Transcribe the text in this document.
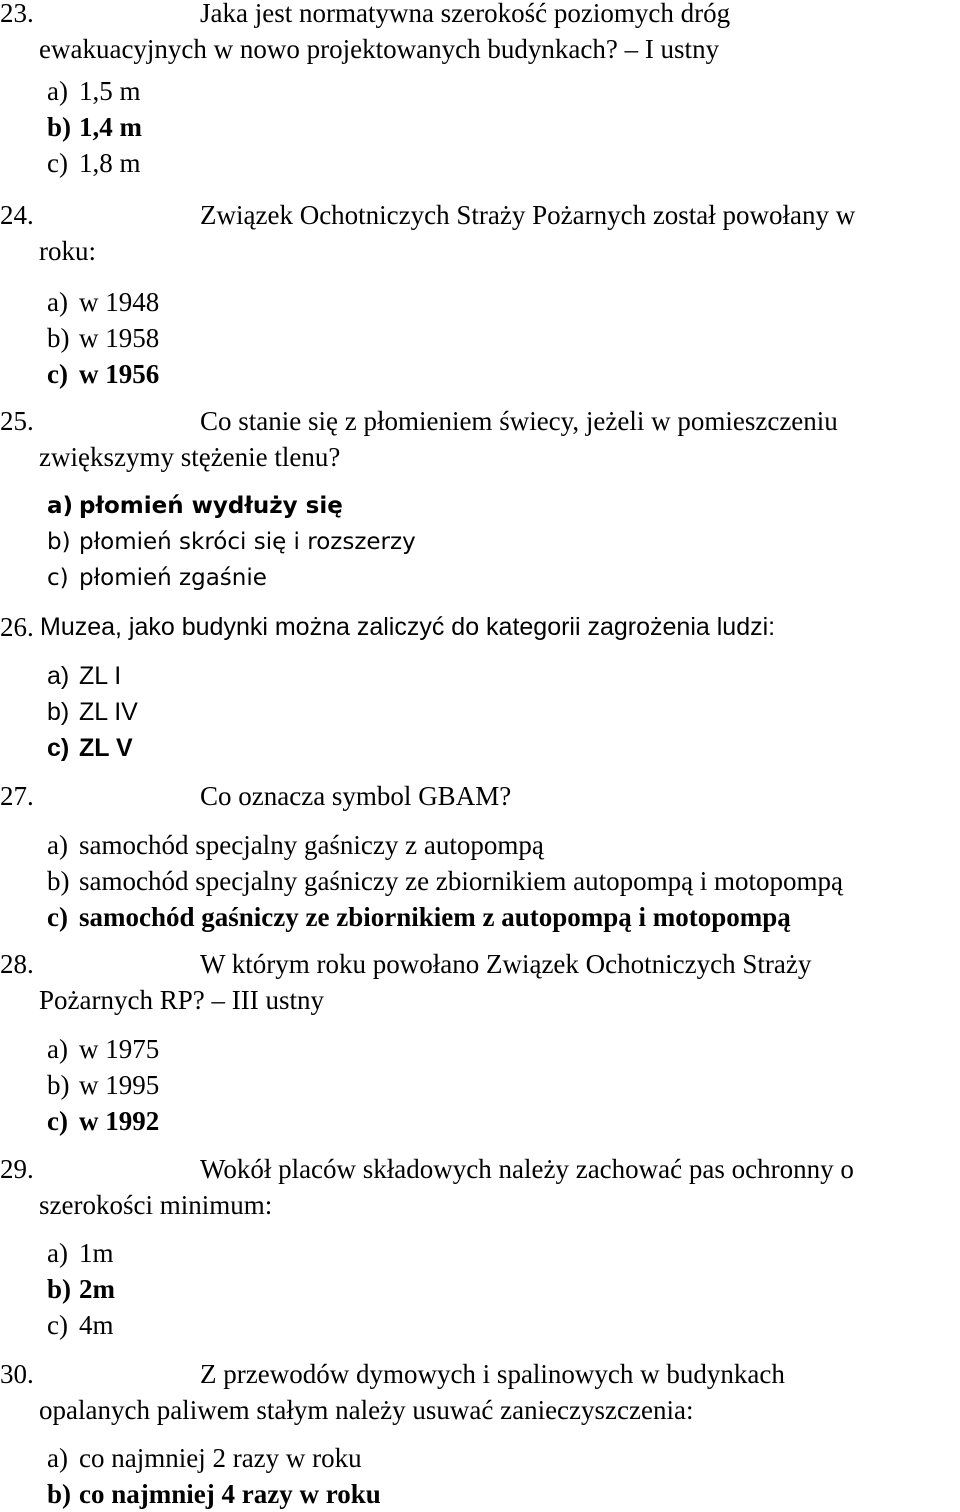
23.	Jaka jest normatywna szerokość poziomych dróg
ewakuacyjnych w nowo projektowanych budynkach? – I ustny
a) 1,5 m
b) 1,4 m
c) 1,8 m
24.	Związek Ochotniczych Straży Pożarnych został powołany w
roku:
a) w 1948
b) w 1958
c) w 1956
25.	Co stanie się z płomieniem świecy, jeżeli w pomieszczeniu
zwiększymy stężenie tlenu?
a) płomień wydłuży się
b) płomień skróci się i rozszerzy
c) płomień zgaśnie
26. Muzea, jako budynki można zaliczyć do kategorii zagrożenia ludzi:
a) ZL I
b) ZL IV
c) ZL V
27.	Co oznacza symbol GBAM?
a) samochód specjalny gaśniczy z autopompą
b) samochód specjalny gaśniczy ze zbiornikiem autopompą i motopompą
c) samochód gaśniczy ze zbiornikiem z autopompą i motopompą
28.	W którym roku powołano Związek Ochotniczych Straży
Pożarnych RP? – III ustny
a) w 1975
b) w 1995
c) w 1992
29.	Wokół placów składowych należy zachować pas ochronny o
szerokości minimum:
a) 1m
b) 2m
c) 4m
30.	Z przewodów dymowych i spalinowych w budynkach
opalanych paliwem stałym należy usuwać zanieczyszczenia:
a) co najmniej 2 razy w roku
b) co najmniej 4 razy w roku
